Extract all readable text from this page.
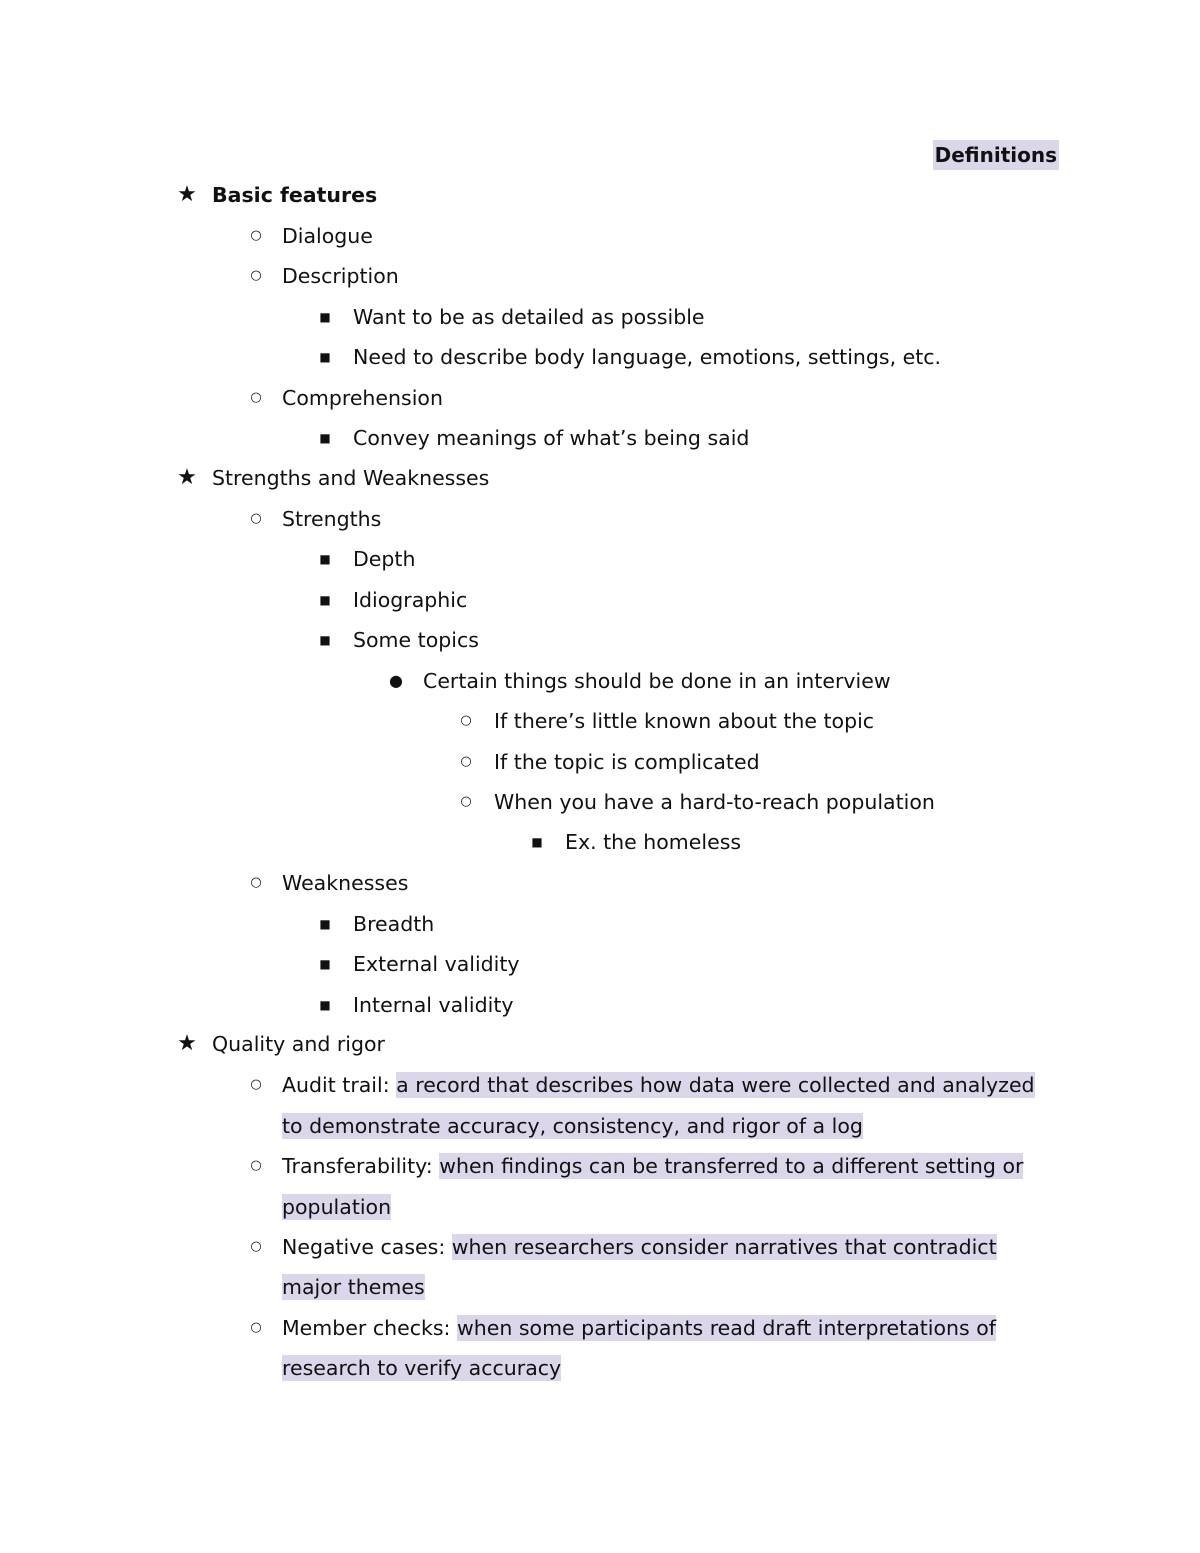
Definitions
★ Basic features
○ Dialogue
○ Description
■	Want to be as detailed as possible
■	Need to describe body language, emotions, settings, etc.
○ Comprehension
■	Convey meanings of what’s being said
★ Strengths and Weaknesses
○ Strengths
■	Depth
■	Idiographic
■	Some topics
● Certain things should be done in an interview
○	If there’s little known about the topic
○	If the topic is complicated
○	When you have a hard-to-reach population
■	Ex. the homeless
○ Weaknesses
■	Breadth
■	External validity
■	Internal validity
★ Quality and rigor
○ Audit trail: a record that describes how data were collected and analyzed
to demonstrate accuracy, consistency, and rigor of a log
○ Transferability: when findings can be transferred to a different setting or
population
○ Negative cases: when researchers consider narratives that contradict
major themes
○ Member checks: when some participants read draft interpretations of
research to verify accuracy
